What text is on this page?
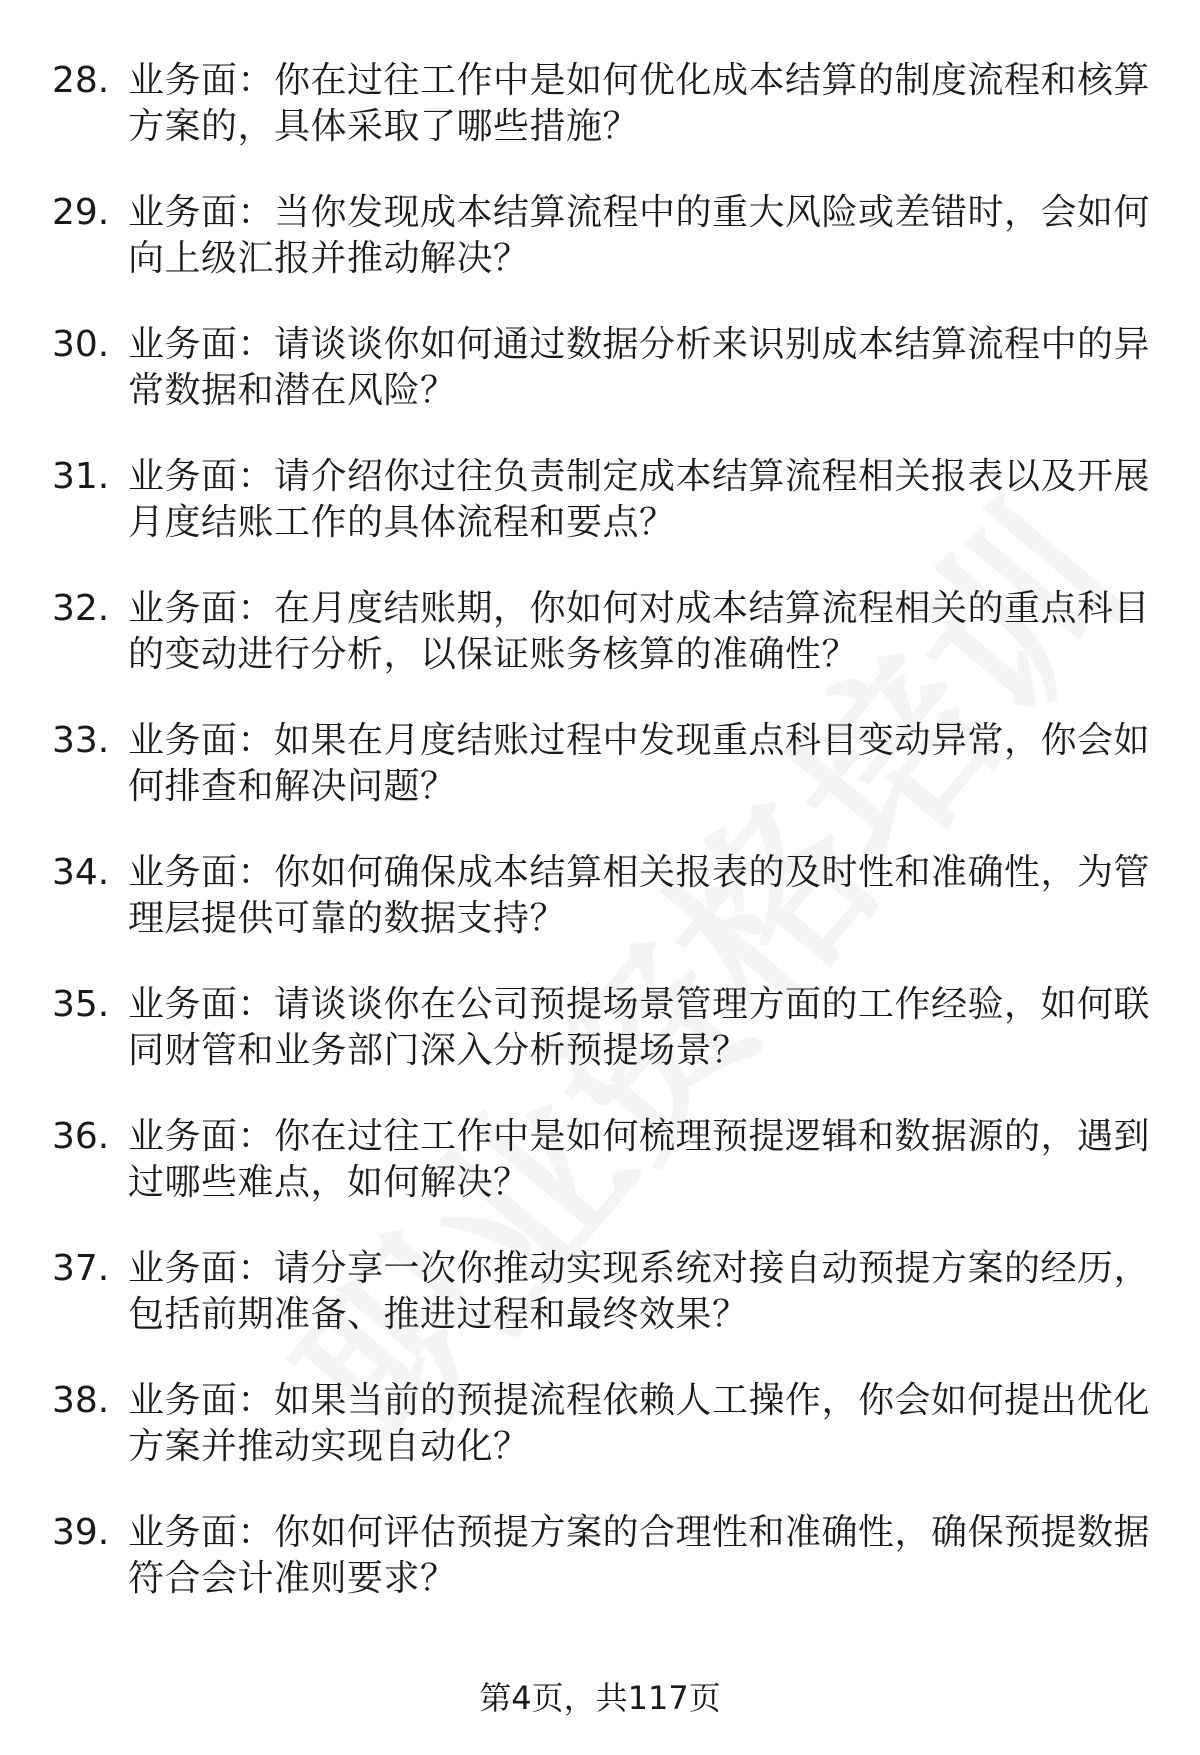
28. 业务面：你在过往工作中是如何优化成本结算的制度流程和核算方案的，具体采取了哪些措施？
29. 业务面：当你发现成本结算流程中的重大风险或差错时，会如何向上级汇报并推动解决？
30. 业务面：请谈谈你如何通过数据分析来识别成本结算流程中的异常数据和潜在风险？
31. 业务面：请介绍你过往负责制定成本结算流程相关报表以及开展月度结账工作的具体流程和要点？
32. 业务面：在月度结账期，你如何对成本结算流程相关的重点科目的变动进行分析，以保证账务核算的准确性？
33. 业务面：如果在月度结账过程中发现重点科目变动异常，你会如何排查和解决问题？
34. 业务面：你如何确保成本结算相关报表的及时性和准确性，为管理层提供可靠的数据支持？
35. 业务面：请谈谈你在公司预提场景管理方面的工作经验，如何联同财管和业务部门深入分析预提场景？
36. 业务面：你在过往工作中是如何梳理预提逻辑和数据源的，遇到过哪些难点，如何解决？
37. 业务面：请分享一次你推动实现系统对接自动预提方案的经历，包括前期准备、推进过程和最终效果？
38. 业务面：如果当前的预提流程依赖人工操作，你会如何提出优化方案并推动实现自动化？
39. 业务面：你如何评估预提方案的合理性和准确性，确保预提数据符合会计准则要求？
第4页，共117页
